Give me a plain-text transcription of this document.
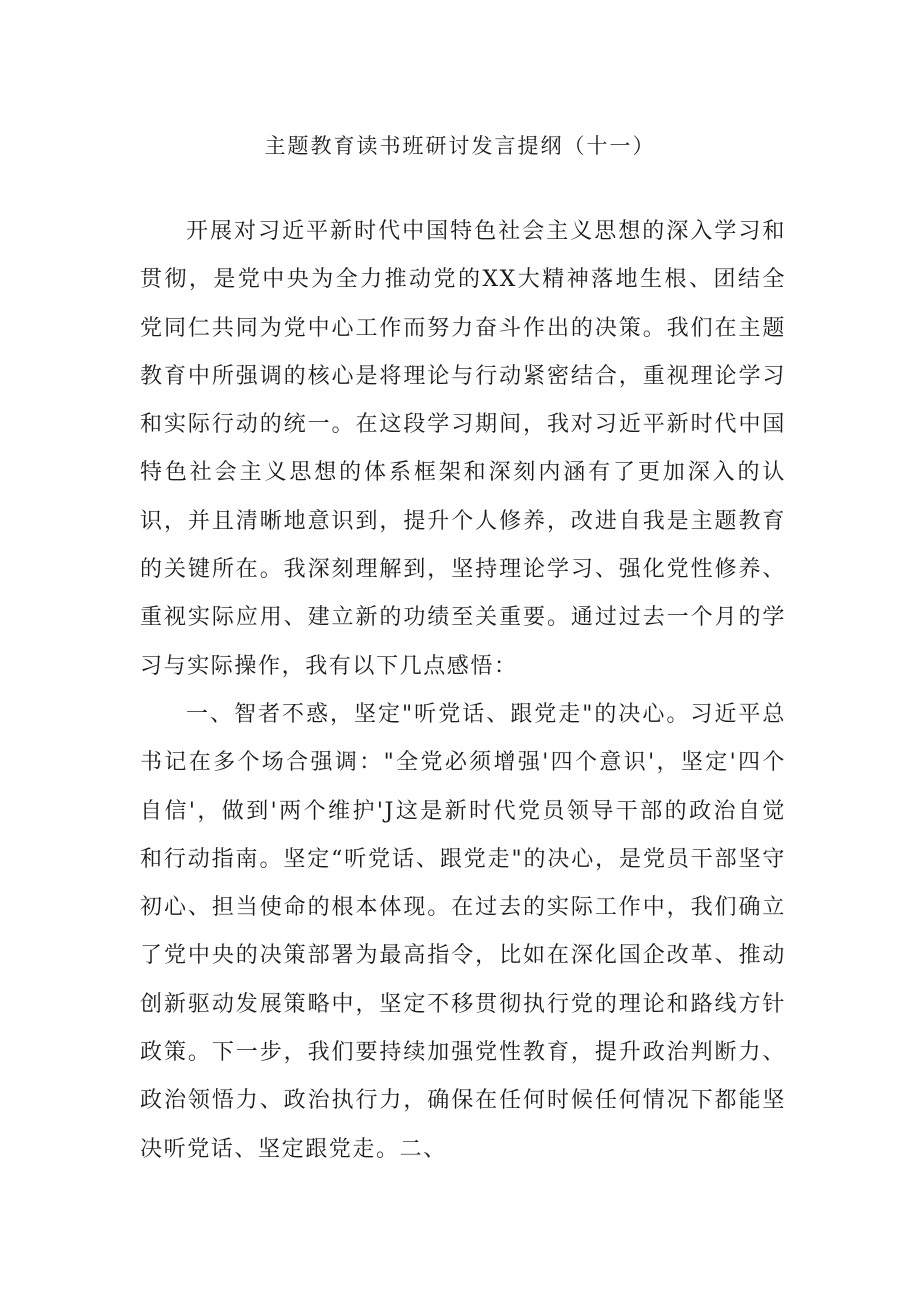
主题教育读书班研讨发言提纲（十一）

开展对习近平新时代中国特色社会主义思想的深入学习和贯彻，是党中央为全力推动党的XX大精神落地生根、团结全党同仁共同为党中心工作而努力奋斗作出的决策。我们在主题教育中所强调的核心是将理论与行动紧密结合，重视理论学习和实际行动的统一。在这段学习期间，我对习近平新时代中国特色社会主义思想的体系框架和深刻内涵有了更加深入的认识，并且清晰地意识到，提升个人修养，改进自我是主题教育的关键所在。我深刻理解到，坚持理论学习、强化党性修养、重视实际应用、建立新的功绩至关重要。通过过去一个月的学习与实际操作，我有以下几点感悟：

一、智者不惑，坚定"听党话、跟党走"的决心。习近平总书记在多个场合强调："全党必须增强'四个意识'，坚定'四个自信'，做到'两个维护'J这是新时代党员领导干部的政治自觉和行动指南。坚定“听党话、跟党走"的决心，是党员干部坚守初心、担当使命的根本体现。在过去的实际工作中，我们确立了党中央的决策部署为最高指令，比如在深化国企改革、推动创新驱动发展策略中，坚定不移贯彻执行党的理论和路线方针政策。下一步，我们要持续加强党性教育，提升政治判断力、政治领悟力、政治执行力，确保在任何时候任何情况下都能坚决听党话、坚定跟党走。二、
